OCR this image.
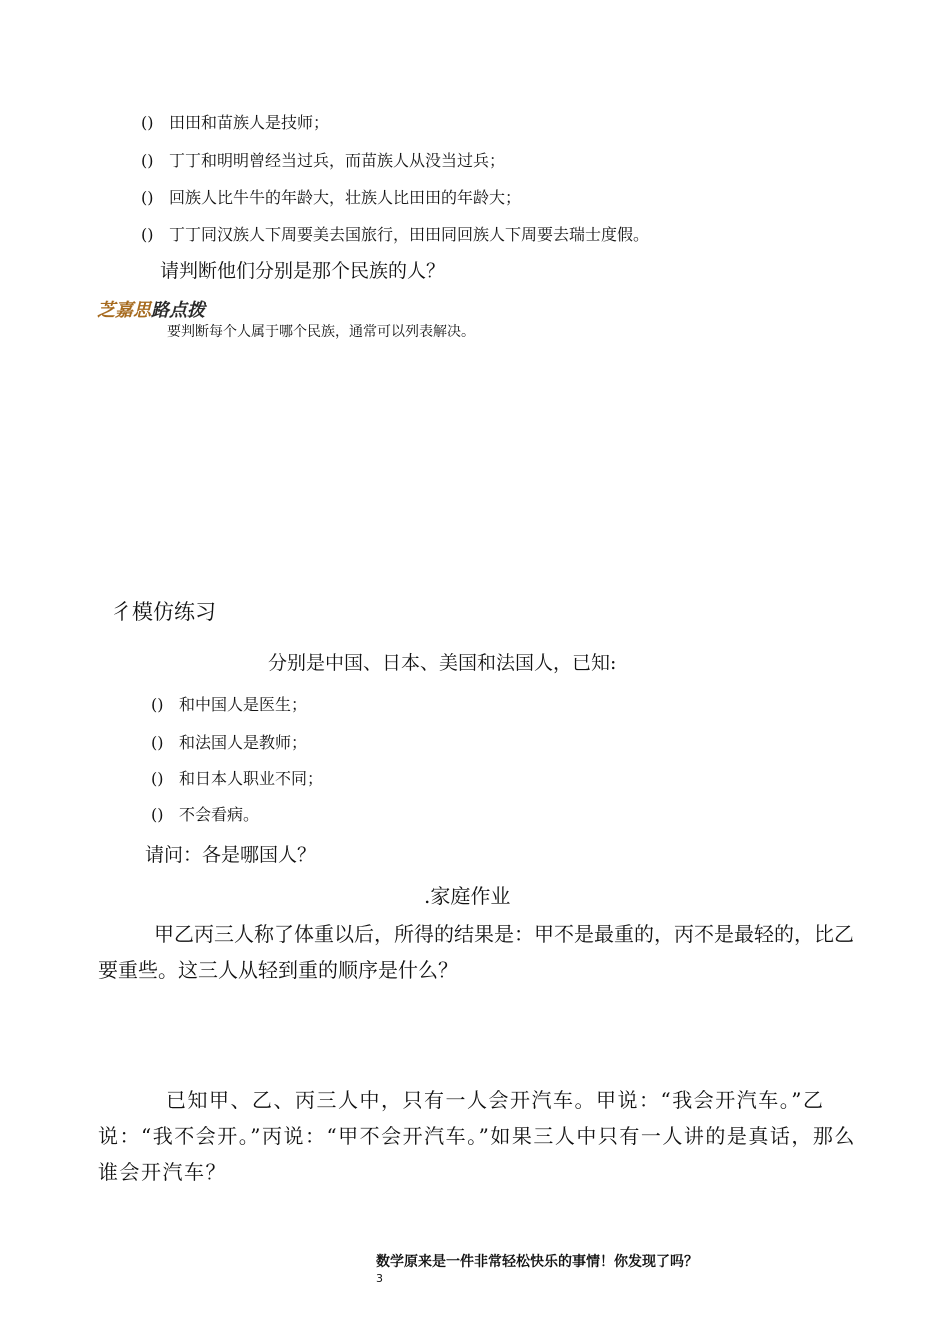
() 田田和苗族人是技师；
() 丁丁和明明曾经当过兵，而苗族人从没当过兵；
() 回族人比牛牛的年龄大，壮族人比田田的年龄大；
() 丁丁同汉族人下周要美去国旅行，田田同回族人下周要去瑞士度假。
请判断他们分别是那个民族的人？
芝嘉思路点拨
要判断每个人属于哪个民族，通常可以列表解决。
彳模仿练习
分别是中国、日本、美国和法国人，已知:
() 和中国人是医生；
() 和法国人是教师；
() 和日本人职业不同；
() 不会看病。
请问：各是哪国人？
.家庭作业
甲乙丙三人称了体重以后，所得的结果是：甲不是最重的，丙不是最轻的，比乙要重些。这三人从轻到重的顺序是什么？
已知甲、乙、丙三人中，只有一人会开汽车。甲说：“我会开汽车。”乙说：“我不会开。”丙说：“甲不会开汽车。”如果三人中只有一人讲的是真话，那么谁会开汽车？
数学原来是一件非常轻松快乐的事情！你发现了吗？
3
